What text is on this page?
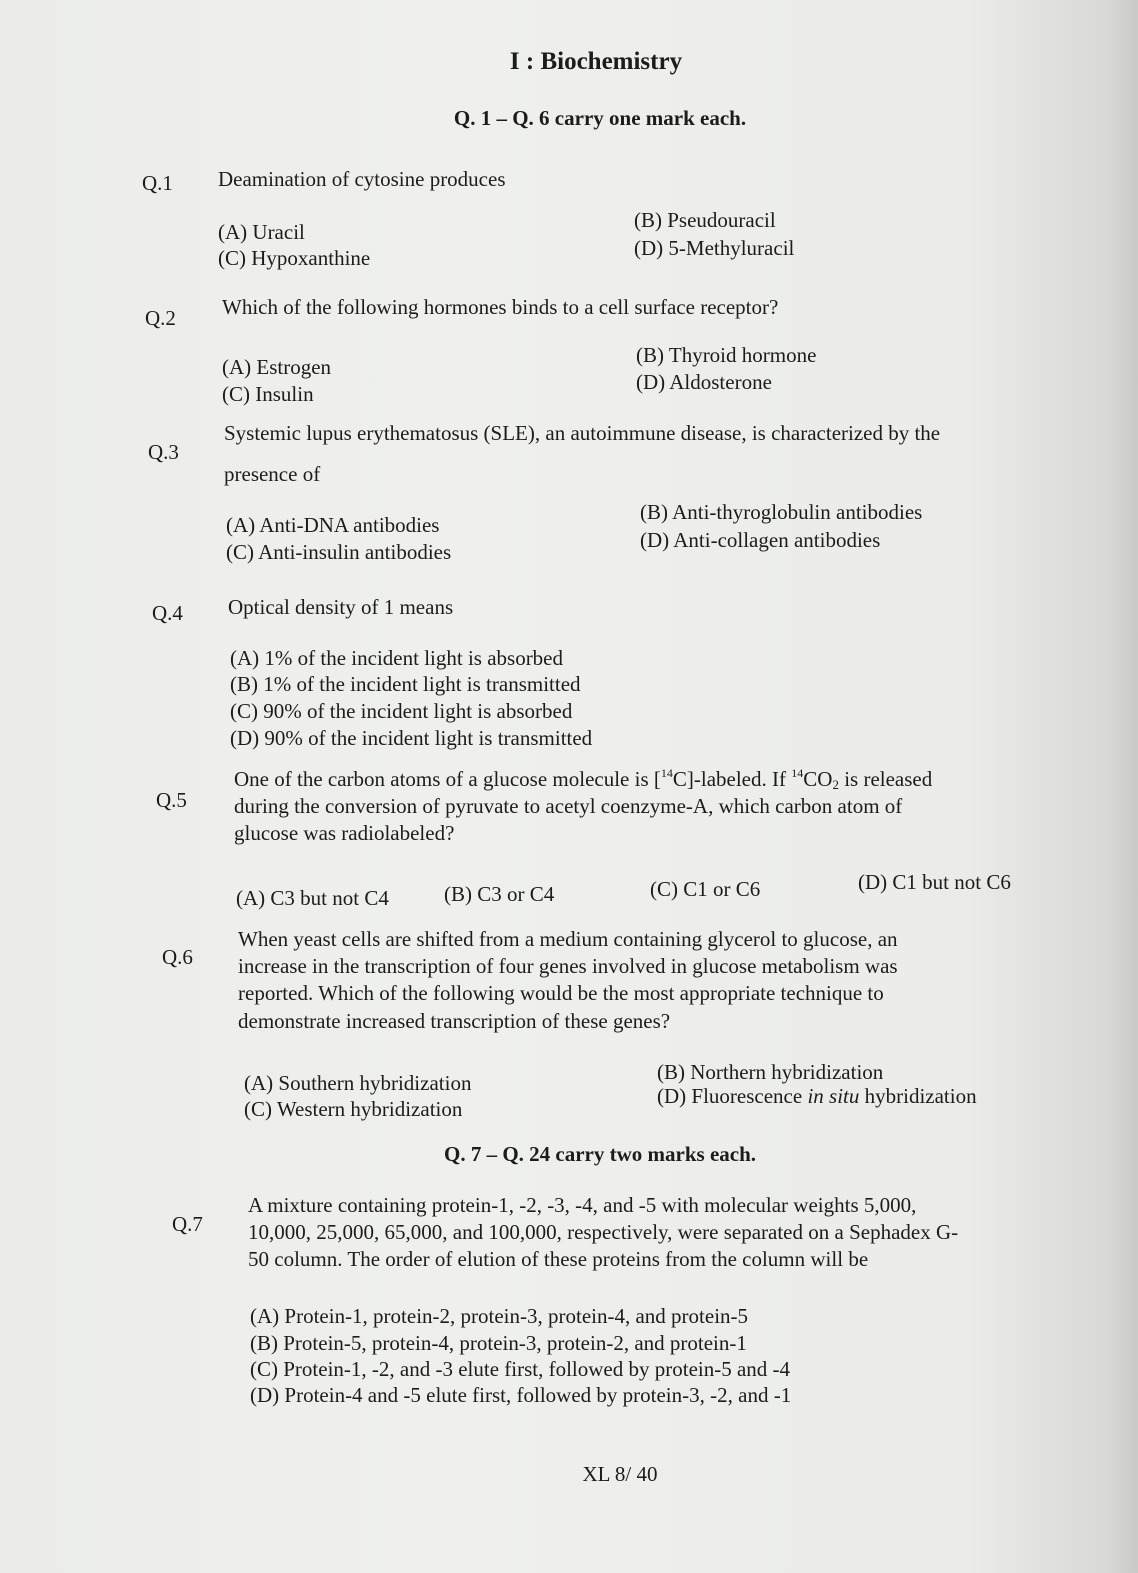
I : Biochemistry
Q. 1 – Q. 6 carry one mark each.
Q.1 Deamination of cytosine produces
(A) Uracil	(B) Pseudouracil
(C) Hypoxanthine	(D) 5-Methyluracil
Q.2 Which of the following hormones binds to a cell surface receptor?
(A) Estrogen	(B) Thyroid hormone
(C) Insulin	(D) Aldosterone
Q.3
Systemic lupus erythematosus (SLE), an autoimmune disease, is characterized by the
presence of
(A) Anti-DNA antibodies
(B) Anti-thyroglobulin antibodies
(C) Anti-insulin antibodies	(D) Anti-collagen antibodies
Q.4 Optical density of 1 means
(A) 1% of the incident light is absorbed
(B) 1% of the incident light is transmitted
(C) 90% of the incident light is absorbed
(D) 90% of the incident light is transmitted
Q.5
One of the carbon atoms of a glucose molecule is [$^{14}$C]-labeled. If $^{14}CO_2$ is released
during the conversion of pyruvate to acetyl coenzyme-A, which carbon atom of
glucose was radiolabeled?
(A) C3 but not C4	(B) C3 or C4	(C) C1 or C6	(D) C1 but not C6
Q.6
When yeast cells are shifted from a medium containing glycerol to glucose, an
increase in the transcription of four genes involved in glucose metabolism was
reported. Which of the following would be the most appropriate technique to
demonstrate increased transcription of these genes?
(A) Southern hybridization	(B) Northern hybridization
(C) Western hybridization
(D) Fluorescence in situ hybridization
Q. 7 – Q. 24 carry two marks each.
Q.7
A mixture containing protein-1, -2, -3, -4, and -5 with molecular weights 5,000,
10,000, 25,000, 65,000, and 100,000, respectively, were separated on a Sephadex G-
50 column. The order of elution of these proteins from the column will be
(A) Protein-1, protein-2, protein-3, protein-4, and protein-5
(B) Protein-5, protein-4, protein-3, protein-2, and protein-1
(C) Protein-1, -2, and -3 elute first, followed by protein-5 and -4
(D) Protein-4 and -5 elute first, followed by protein-3, -2, and -1
XL 8/ 40
